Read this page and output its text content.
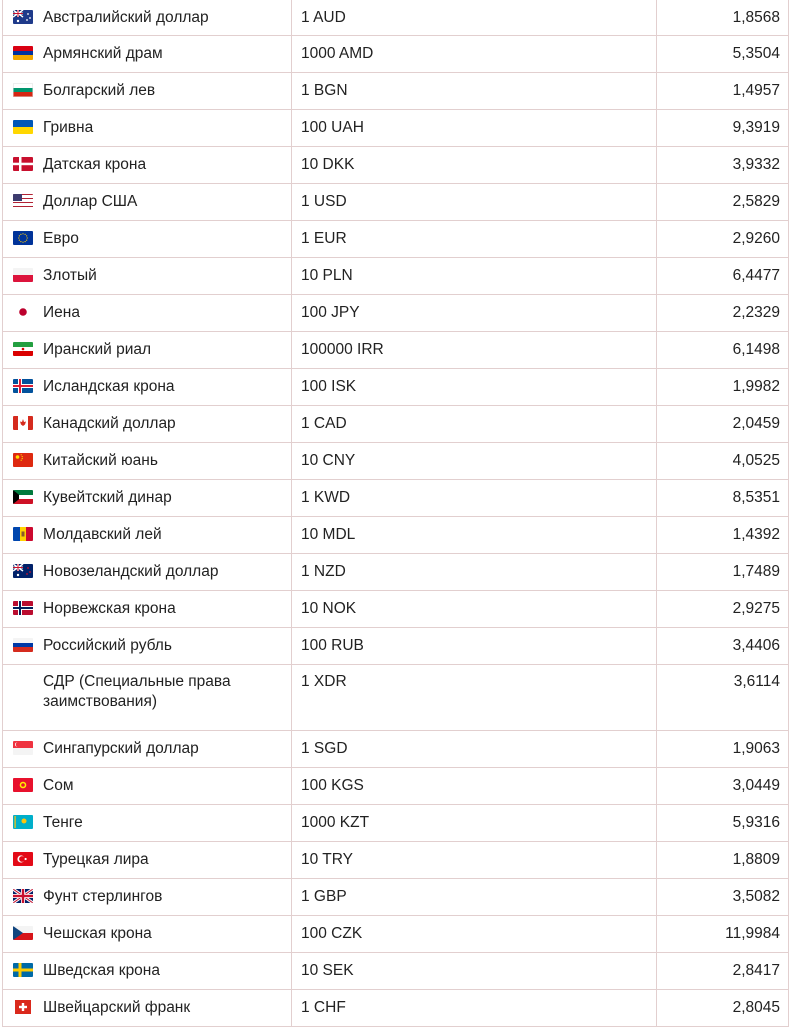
Австралийский доллар	1 AUD	1,8568
Армянский драм	1000 AMD	5,3504
Болгарский лев	1 BGN	1,4957
Гривна	100 UAH	9,3919
Датская крона	10 DKK	3,9332
Доллар США	1 USD	2,5829
Евро	1 EUR	2,9260
Злотый	10 PLN	6,4477
Иена	100 JPY	2,2329
Иранский риал	100000 IRR	6,1498
Исландская крона	100 ISK	1,9982
Канадский доллар	1 CAD	2,0459
Китайский юань	10 CNY	4,0525
Кувейтский динар	1 KWD	8,5351
Молдавский лей	10 MDL	1,4392
Новозеландский доллар	1 NZD	1,7489
Норвежская крона	10 NOK	2,9275
Российский рубль	100 RUB	3,4406
СДР (Специальные права заимствования)	1 XDR	3,6114
Сингапурский доллар	1 SGD	1,9063
Сом	100 KGS	3,0449
Тенге	1000 KZT	5,9316
Турецкая лира	10 TRY	1,8809
Фунт стерлингов	1 GBP	3,5082
Чешская крона	100 CZK	11,9984
Шведская крона	10 SEK	2,8417
Швейцарский франк	1 CHF	2,8045
